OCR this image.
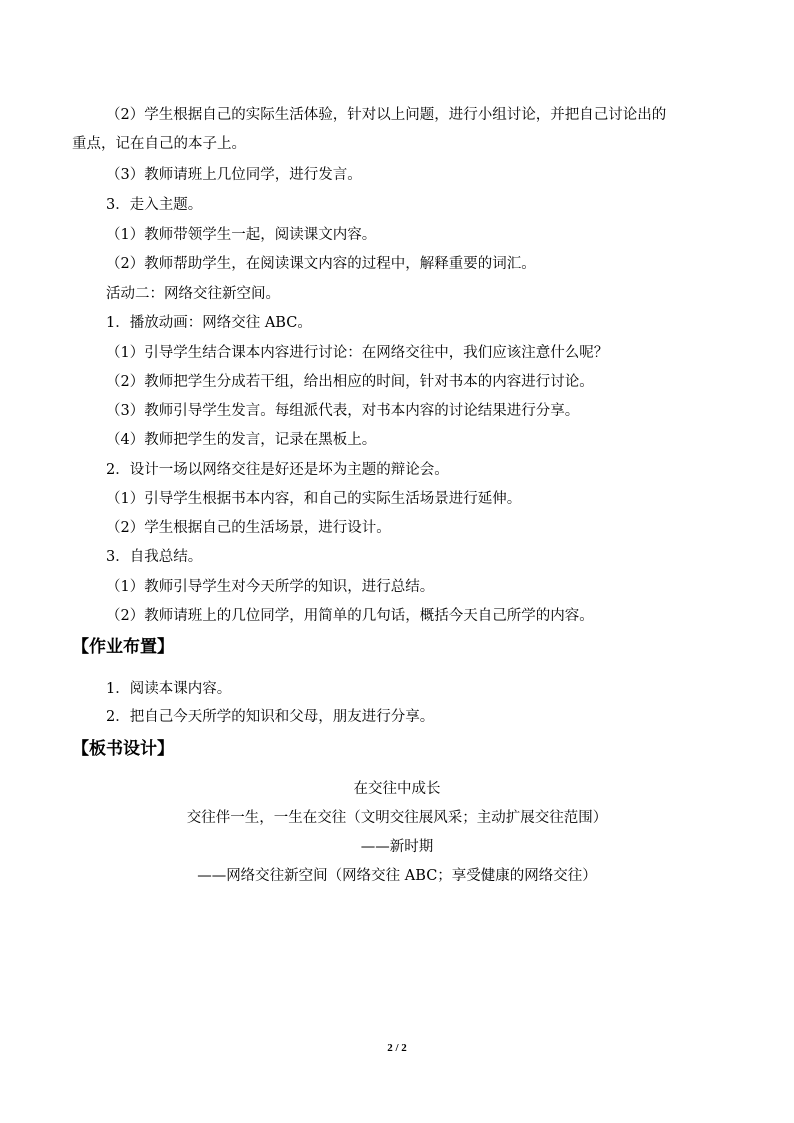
（2）学生根据自己的实际生活体验，针对以上问题，进行小组讨论，并把自己讨论出的
重点，记在自己的本子上。
（3）教师请班上几位同学，进行发言。
3．走入主题。
（1）教师带领学生一起，阅读课文内容。
（2）教师帮助学生，在阅读课文内容的过程中，解释重要的词汇。
活动二：网络交往新空间。
1．播放动画：网络交往 ABC。
（1）引导学生结合课本内容进行讨论：在网络交往中，我们应该注意什么呢？
（2）教师把学生分成若干组，给出相应的时间，针对书本的内容进行讨论。
（3）教师引导学生发言。每组派代表，对书本内容的讨论结果进行分享。
（4）教师把学生的发言，记录在黑板上。
2．设计一场以网络交往是好还是坏为主题的辩论会。
（1）引导学生根据书本内容，和自己的实际生活场景进行延伸。
（2）学生根据自己的生活场景，进行设计。
3．自我总结。
（1）教师引导学生对今天所学的知识，进行总结。
（2）教师请班上的几位同学，用简单的几句话，概括今天自己所学的内容。
【作业布置】
1．阅读本课内容。
2．把自己今天所学的知识和父母，朋友进行分享。
【板书设计】
在交往中成长
交往伴一生，一生在交往（文明交往展风采；主动扩展交往范围）
——新时期
——网络交往新空间（网络交往 ABC；享受健康的网络交往）
2 / 2
